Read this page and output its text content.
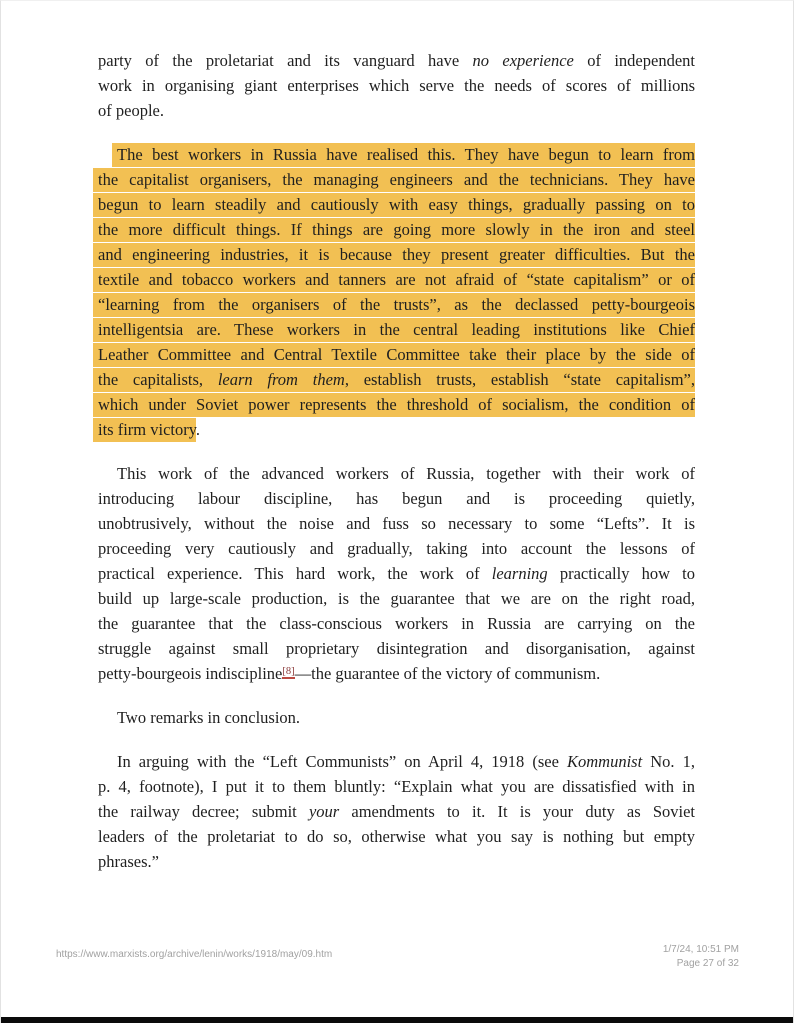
party of the proletariat and its vanguard have no experience of independent
work in organising giant enterprises which serve the needs of scores of millions
of people.
The best workers in Russia have realised this. They have begun to learn from
the capitalist organisers, the managing engineers and the technicians. They have
begun to learn steadily and cautiously with easy things, gradually passing on to
the more difficult things. If things are going more slowly in the iron and steel
and engineering industries, it is because they present greater difficulties. But the
textile and tobacco workers and tanners are not afraid of “state capitalism” or of
“learning from the organisers of the trusts”, as the declassed petty-bourgeois
intelligentsia are. These workers in the central leading institutions like Chief
Leather Committee and Central Textile Committee take their place by the side of
the capitalists, learn from them, establish trusts, establish “state capitalism”,
which under Soviet power represents the threshold of socialism, the condition of
its firm victory.
This work of the advanced workers of Russia, together with their work of
introducing labour discipline, has begun and is proceeding quietly,
unobtrusively, without the noise and fuss so necessary to some “Lefts”. It is
proceeding very cautiously and gradually, taking into account the lessons of
practical experience. This hard work, the work of learning practically how to
build up large-scale production, is the guarantee that we are on the right road,
the guarantee that the class-conscious workers in Russia are carrying on the
struggle against small proprietary disintegration and disorganisation, against
petty-bourgeois indiscipline[8]—the guarantee of the victory of communism.
Two remarks in conclusion.
In arguing with the “Left Communists” on April 4, 1918 (see Kommunist No. 1,
p. 4, footnote), I put it to them bluntly: “Explain what you are dissatisfied with in
the railway decree; submit your amendments to it. It is your duty as Soviet
leaders of the proletariat to do so, otherwise what you say is nothing but empty
phrases.”
https://www.marxists.org/archive/lenin/works/1918/may/09.htm	1/7/24, 10:51 PM
Page 27 of 32
